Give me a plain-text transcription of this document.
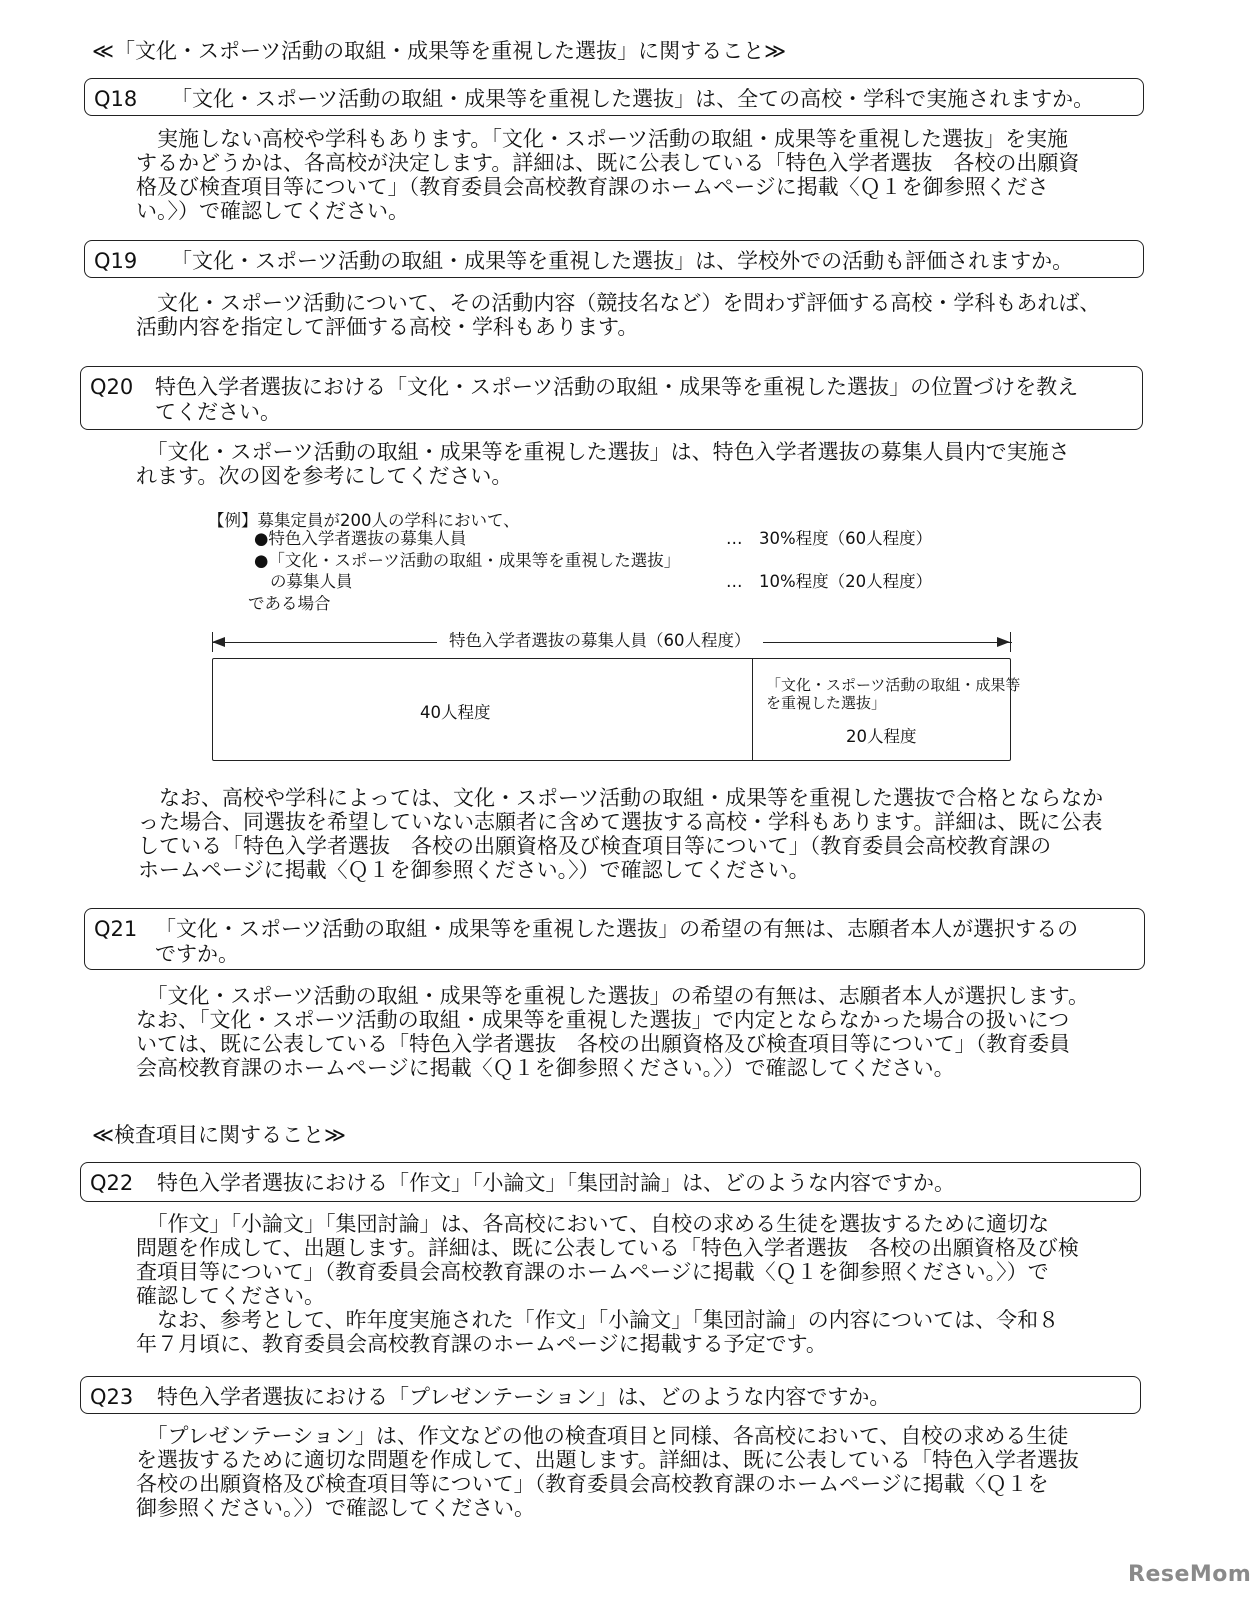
≪「文化・スポーツ活動の取組・成果等を重視した選抜」に関すること≫
Q18 「文化・スポーツ活動の取組・成果等を重視した選抜」は、全ての高校・学科で実施されますか。
　実施しない高校や学科もあります。「文化・スポーツ活動の取組・成果等を重視した選抜」を実施
するかどうかは、各高校が決定します。詳細は、既に公表している「特色入学者選抜　各校の出願資
格及び検査項目等について」（教育委員会高校教育課のホームページに掲載〈Ｑ１を御参照くださ
い。〉）で確認してください。
Q19 「文化・スポーツ活動の取組・成果等を重視した選抜」は、学校外での活動も評価されますか。
　文化・スポーツ活動について、その活動内容（競技名など）を問わず評価する高校・学科もあれば、
活動内容を指定して評価する高校・学科もあります。
Q20 特色入学者選抜における「文化・スポーツ活動の取組・成果等を重視した選抜」の位置づけを教え
てください。
　「文化・スポーツ活動の取組・成果等を重視した選抜」は、特色入学者選抜の募集人員内で実施さ
れます。次の図を参考にしてください。
【例】募集定員が200人の学科において、
●特色入学者選抜の募集人員	…　30%程度（60人程度）
●「文化・スポーツ活動の取組・成果等を重視した選抜」
の募集人員	…　10%程度（20人程度）
である場合
特色入学者選抜の募集人員（60人程度）
40人程度
「文化・スポーツ活動の取組・成果等
を重視した選抜」
20人程度
　なお、高校や学科によっては、文化・スポーツ活動の取組・成果等を重視した選抜で合格とならなか
った場合、同選抜を希望していない志願者に含めて選抜する高校・学科もあります。詳細は、既に公表
している「特色入学者選抜　各校の出願資格及び検査項目等について」（教育委員会高校教育課の
ホームページに掲載〈Ｑ１を御参照ください。〉）で確認してください。
Q21 「文化・スポーツ活動の取組・成果等を重視した選抜」の希望の有無は、志願者本人が選択するの
ですか。
　「文化・スポーツ活動の取組・成果等を重視した選抜」の希望の有無は、志願者本人が選択します。
なお、「文化・スポーツ活動の取組・成果等を重視した選抜」で内定とならなかった場合の扱いにつ
いては、既に公表している「特色入学者選抜　各校の出願資格及び検査項目等について」（教育委員
会高校教育課のホームページに掲載〈Ｑ１を御参照ください。〉）で確認してください。
≪検査項目に関すること≫
Q22 特色入学者選抜における「作文」「小論文」「集団討論」は、どのような内容ですか。
　「作文」「小論文」「集団討論」は、各高校において、自校の求める生徒を選抜するために適切な
問題を作成して、出題します。詳細は、既に公表している「特色入学者選抜　各校の出願資格及び検
査項目等について」（教育委員会高校教育課のホームページに掲載〈Ｑ１を御参照ください。〉）で
確認してください。
　なお、参考として、昨年度実施された「作文」「小論文」「集団討論」の内容については、令和８
年７月頃に、教育委員会高校教育課のホームページに掲載する予定です。
Q23 特色入学者選抜における「プレゼンテーション」は、どのような内容ですか。
　「プレゼンテーション」は、作文などの他の検査項目と同様、各高校において、自校の求める生徒
を選抜するために適切な問題を作成して、出題します。詳細は、既に公表している「特色入学者選抜
各校の出願資格及び検査項目等について」（教育委員会高校教育課のホームページに掲載〈Ｑ１を
御参照ください。〉）で確認してください。
ReseMom
